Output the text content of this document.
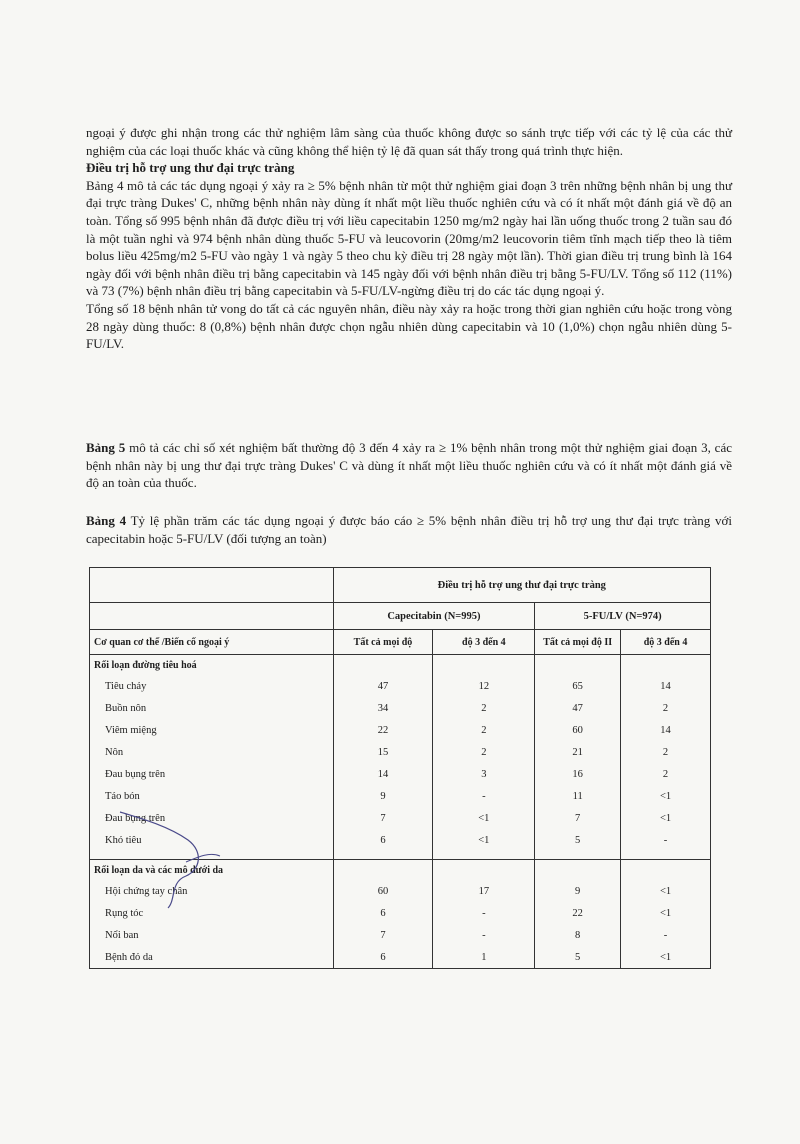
ngoại ý được ghi nhận trong các thử nghiệm lâm sàng của thuốc không được so sánh trực tiếp với các tỷ lệ của các thử nghiệm của các loại thuốc khác và cũng không thể hiện tỷ lệ đã quan sát thấy trong quá trình thực hiện.

Điều trị hỗ trợ ung thư đại trực tràng

Bảng 4 mô tả các tác dụng ngoại ý xảy ra ≥ 5% bệnh nhân từ một thử nghiệm giai đoạn 3 trên những bệnh nhân bị ung thư đại trực tràng Dukes' C, những bệnh nhân này dùng ít nhất một liều thuốc nghiên cứu và có ít nhất một đánh giá về độ an toàn. Tổng số 995 bệnh nhân đã được điều trị với liều capecitabin 1250 mg/m2 ngày hai lần uống thuốc trong 2 tuần sau đó là một tuần nghỉ và 974 bệnh nhân dùng thuốc 5-FU và leucovorin (20mg/m2 leucovorin tiêm tĩnh mạch tiếp theo là tiêm bolus liều 425mg/m2 5-FU vào ngày 1 và ngày 5 theo chu kỳ điều trị 28 ngày một lần). Thời gian điều trị trung bình là 164 ngày đối với bệnh nhân điều trị bằng capecitabin và 145 ngày đối với bệnh nhân điều trị bằng 5-FU/LV. Tổng số 112 (11%) và 73 (7%) bệnh nhân điều trị bằng capecitabin và 5-FU/LV-ngừng điều trị do các tác dụng ngoại ý.

Tổng số 18 bệnh nhân tử vong do tất cả các nguyên nhân, điều này xảy ra hoặc trong thời gian nghiên cứu hoặc trong vòng 28 ngày dùng thuốc: 8 (0,8%) bệnh nhân được chọn ngẫu nhiên dùng capecitabin và 10 (1,0%) chọn ngẫu nhiên dùng 5-FU/LV.

Bảng 5 mô tả các chỉ số xét nghiệm bất thường độ 3 đến 4 xảy ra ≥ 1% bệnh nhân trong một thử nghiệm giai đoạn 3, các bệnh nhân này bị ung thư đại trực tràng Dukes' C và dùng ít nhất một liều thuốc nghiên cứu và có ít nhất một đánh giá về độ an toàn của thuốc.

Bảng 4 Tỷ lệ phần trăm các tác dụng ngoại ý được báo cáo ≥ 5% bệnh nhân điều trị hỗ trợ ung thư đại trực tràng với capecitabin hoặc 5-FU/LV (đối tượng an toàn)

	Điều trị hỗ trợ ung thư đại trực tràng			
	Capecitabin (N=995)		5-FU/LV (N=974)	
Cơ quan cơ thể /Biến cố ngoại ý	Tất cả mọi độ	độ 3 đến 4	Tất cả mọi độ II	độ 3 đến 4
Rối loạn đường tiêu hoá				
Tiêu chảy	47	12	65	14
Buồn nôn	34	2	47	2
Viêm miệng	22	2	60	14
Nôn	15	2	21	2
Đau bụng trên	14	3	16	2
Táo bón	9	-	11	<1
Đau bụng trên	7	<1	7	<1
Khó tiêu	6	<1	5	-

Rối loạn da và các mô dưới da				
Hội chứng tay chân	60	17	9	<1
Rụng tóc	6	-	22	<1
Nổi ban	7	-	8	-
Bệnh đỏ da	6	1	5	<1
